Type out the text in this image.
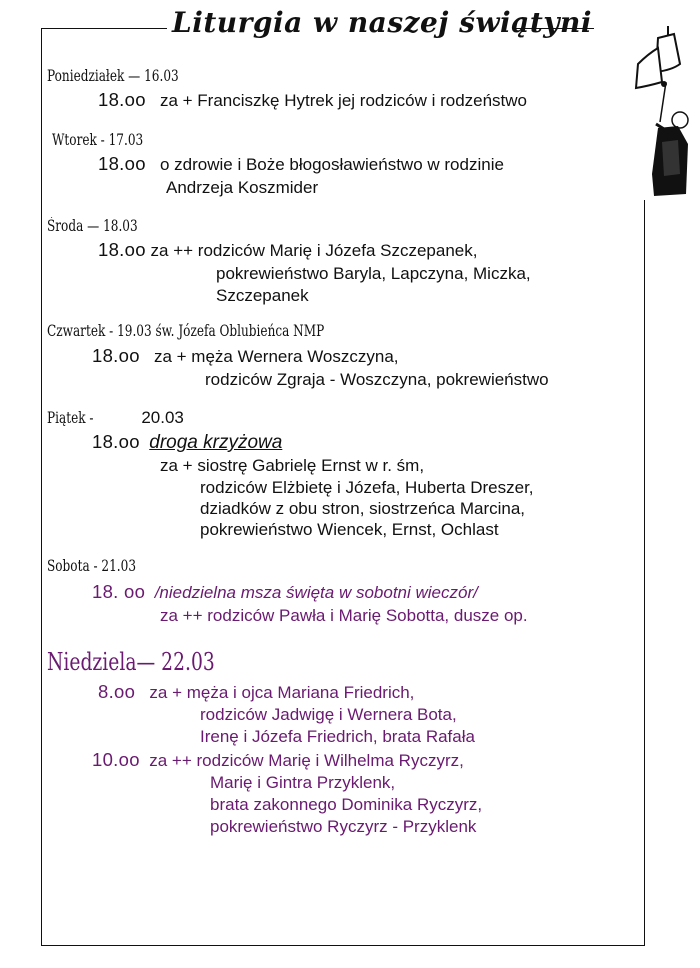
Liturgia w naszej świątyni
Poniedziałek — 16.03
18.oo za + Franciszkę Hytrek jej rodziców i rodzeństwo
Wtorek - 17.03
18.oo o zdrowie i Boże błogosławieństwo w rodzinie
Andrzeja Koszmider
Środa — 18.03
18.oo za ++ rodziców Marię i Józefa Szczepanek,
pokrewieństwo Baryla, Lapczyna, Miczka,
Szczepanek
Czwartek - 19.03 św. Józefa Oblubieńca NMP
18.oo za + męża Wernera Woszczyna,
rodziców Zgraja - Woszczyna, pokrewieństwo
Piątek -	20.03
18.oo droga krzyżowa
za + siostrę Gabrielę Ernst w r. śm,
rodziców Elżbietę i Józefa, Huberta Dreszer,
dziadków z obu stron, siostrzeńca Marcina,
pokrewieństwo Wiencek, Ernst, Ochlast
Sobota - 21.03
18. oo /niedzielna msza święta w sobotni wieczór/
za ++ rodziców Pawła i Marię Sobotta, dusze op.
Niedziela— 22.03
8.oo za + męża i ojca Mariana Friedrich,
rodziców Jadwigę i Wernera Bota,
Irenę i Józefa Friedrich, brata Rafała
10.oo za ++ rodziców Marię i Wilhelma Ryczyrz,
Marię i Gintra Przyklenk,
brata zakonnego Dominika Ryczyrz,
pokrewieństwo Ryczyrz - Przyklenk
